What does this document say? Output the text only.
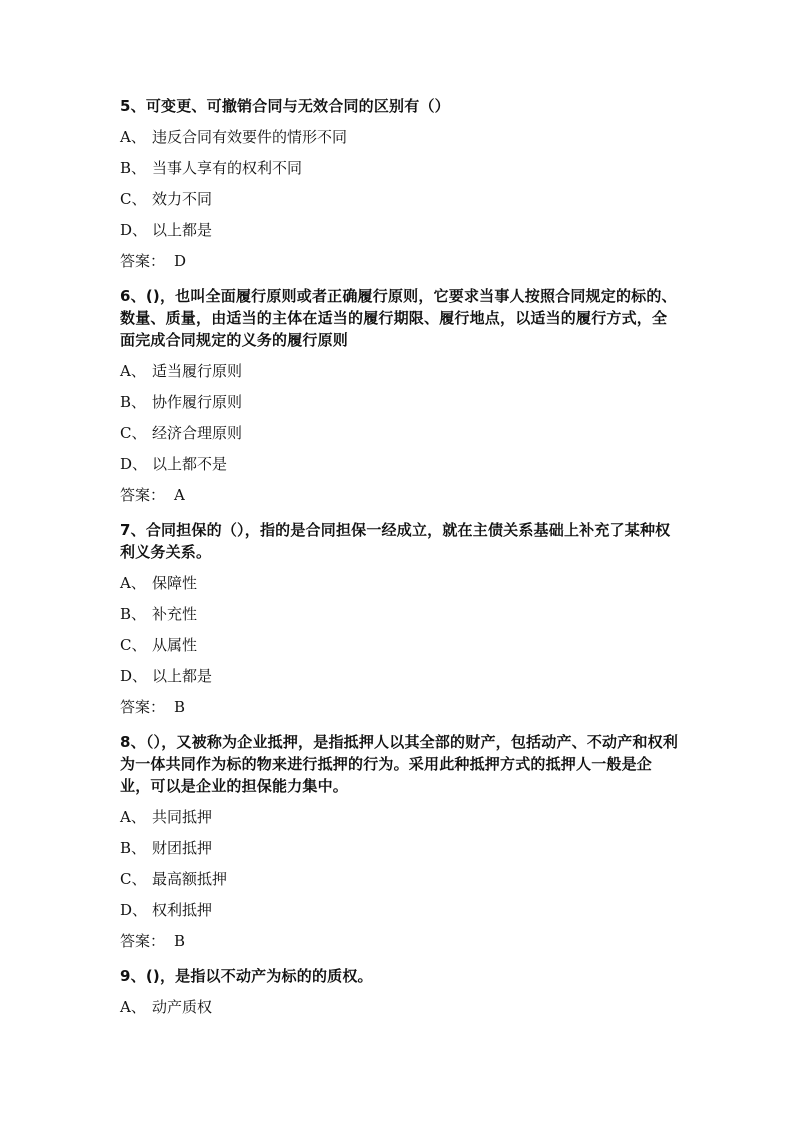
5、可变更、可撤销合同与无效合同的区别有（）
A、 违反合同有效要件的情形不同
B、 当事人享有的权利不同
C、 效力不同
D、 以上都是
答案： D
6、()，也叫全面履行原则或者正确履行原则，它要求当事人按照合同规定的标的、数量、质量，由适当的主体在适当的履行期限、履行地点，以适当的履行方式，全面完成合同规定的义务的履行原则
A、 适当履行原则
B、 协作履行原则
C、 经济合理原则
D、 以上都不是
答案： A
7、合同担保的（），指的是合同担保一经成立，就在主债关系基础上补充了某种权利义务关系。
A、 保障性
B、 补充性
C、 从属性
D、 以上都是
答案： B
8、（），又被称为企业抵押，是指抵押人以其全部的财产，包括动产、不动产和权利为一体共同作为标的物来进行抵押的行为。采用此种抵押方式的抵押人一般是企业，可以是企业的担保能力集中。
A、 共同抵押
B、 财团抵押
C、 最高额抵押
D、 权利抵押
答案： B
9、()，是指以不动产为标的的质权。
A、 动产质权
